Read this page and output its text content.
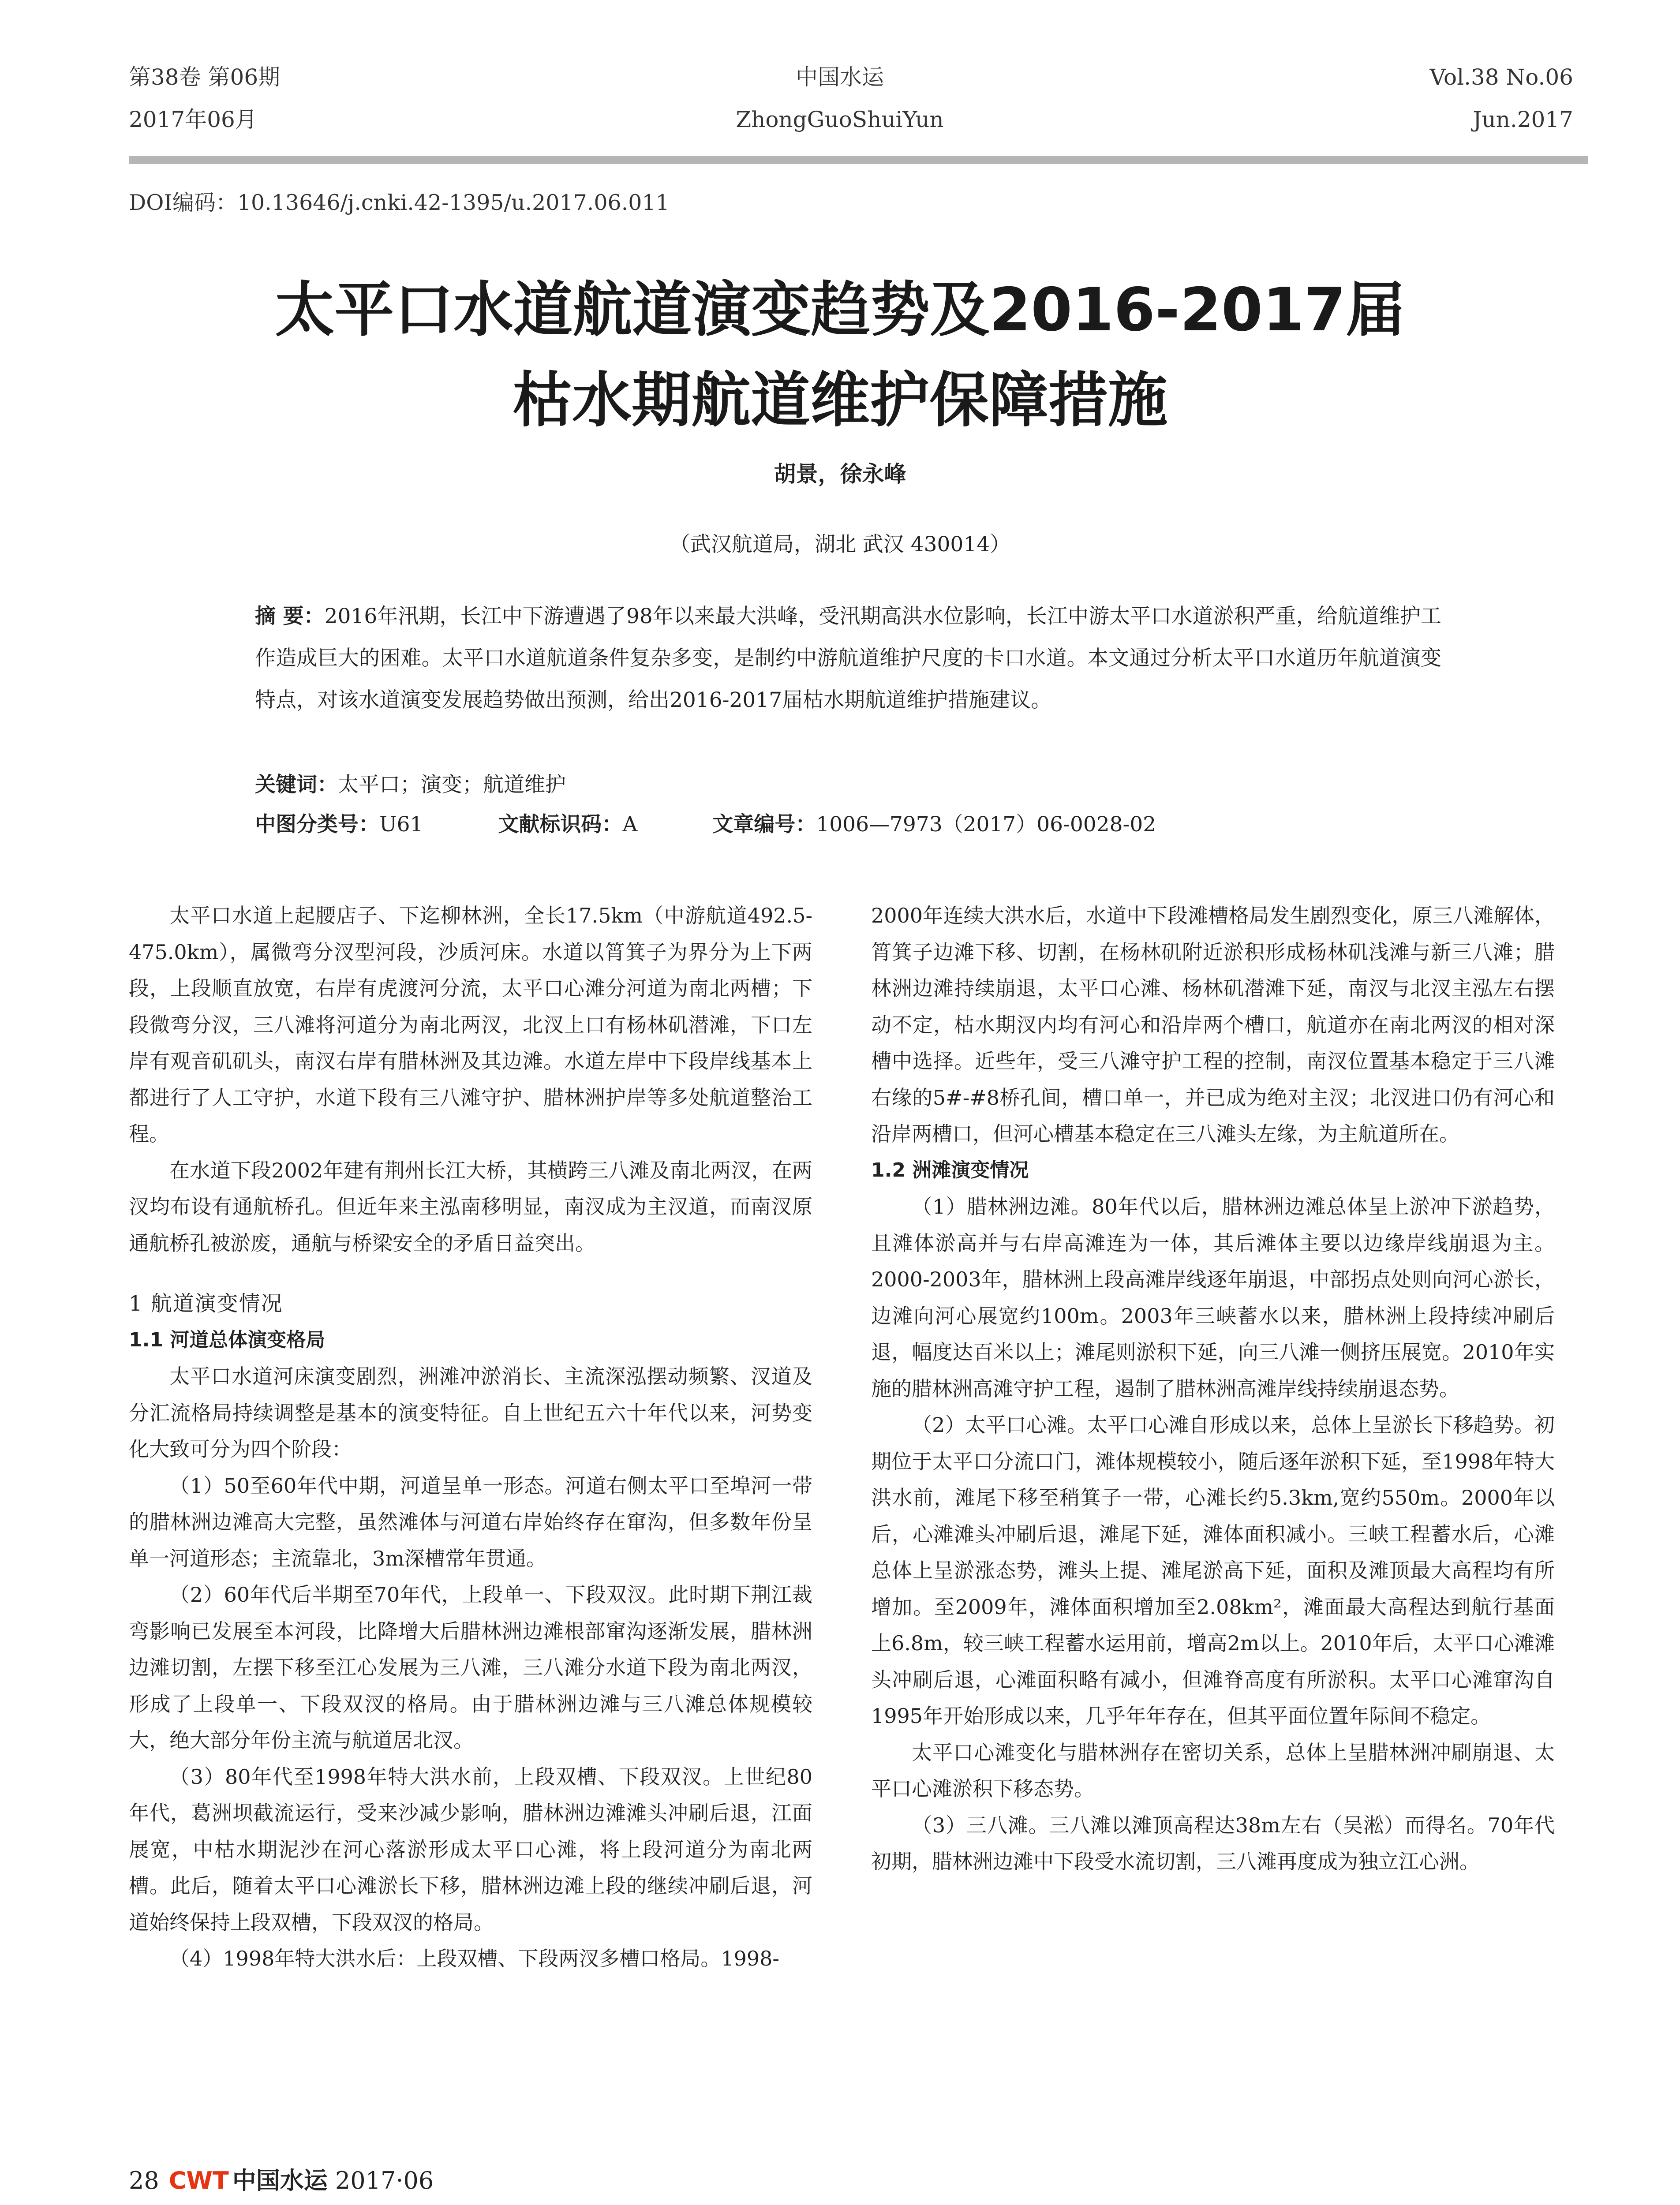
第38卷 第06期
2017年06月
中国水运
ZhongGuoShuiYun
Vol.38 No.06
Jun.2017
DOI编码：10.13646/j.cnki.42-1395/u.2017.06.011
太平口水道航道演变趋势及2016-2017届
枯水期航道维护保障措施
胡景，徐永峰
（武汉航道局，湖北 武汉 430014）
摘 要：2016年汛期，长江中下游遭遇了98年以来最大洪峰，受汛期高洪水位影响，长江中游太平口水道淤积严重，给航道维护工作造成巨大的困难。太平口水道航道条件复杂多变，是制约中游航道维护尺度的卡口水道。本文通过分析太平口水道历年航道演变特点，对该水道演变发展趋势做出预测，给出2016-2017届枯水期航道维护措施建议。
关键词：太平口；演变；航道维护
中图分类号：U61	文献标识码：A	文章编号：1006—7973（2017）06-0028-02

太平口水道上起腰店子、下迄柳林洲，全长17.5km（中游航道492.5-475.0km），属微弯分汊型河段，沙质河床。水道以筲箕子为界分为上下两段，上段顺直放宽，右岸有虎渡河分流，太平口心滩分河道为南北两槽；下段微弯分汊，三八滩将河道分为南北两汊，北汊上口有杨林矶潜滩，下口左岸有观音矶矶头，南汊右岸有腊林洲及其边滩。水道左岸中下段岸线基本上都进行了人工守护，水道下段有三八滩守护、腊林洲护岸等多处航道整治工程。

在水道下段2002年建有荆州长江大桥，其横跨三八滩及南北两汊，在两汊均布设有通航桥孔。但近年来主泓南移明显，南汊成为主汊道，而南汊原通航桥孔被淤废，通航与桥梁安全的矛盾日益突出。

1 航道演变情况

1.1 河道总体演变格局

太平口水道河床演变剧烈，洲滩冲淤消长、主流深泓摆动频繁、汊道及分汇流格局持续调整是基本的演变特征。自上世纪五六十年代以来，河势变化大致可分为四个阶段：

（1）50至60年代中期，河道呈单一形态。河道右侧太平口至埠河一带的腊林洲边滩高大完整，虽然滩体与河道右岸始终存在窜沟，但多数年份呈单一河道形态；主流靠北，3m深槽常年贯通。

（2）60年代后半期至70年代，上段单一、下段双汊。此时期下荆江裁弯影响已发展至本河段，比降增大后腊林洲边滩根部窜沟逐渐发展，腊林洲边滩切割，左摆下移至江心发展为三八滩，三八滩分水道下段为南北两汊，形成了上段单一、下段双汊的格局。由于腊林洲边滩与三八滩总体规模较大，绝大部分年份主流与航道居北汊。

（3）80年代至1998年特大洪水前，上段双槽、下段双汊。上世纪80年代，葛洲坝截流运行，受来沙减少影响，腊林洲边滩滩头冲刷后退，江面展宽，中枯水期泥沙在河心落淤形成太平口心滩，将上段河道分为南北两槽。此后，随着太平口心滩淤长下移，腊林洲边滩上段的继续冲刷后退，河道始终保持上段双槽，下段双汊的格局。

（4）1998年特大洪水后：上段双槽、下段两汊多槽口格局。1998-

2000年连续大洪水后，水道中下段滩槽格局发生剧烈变化，原三八滩解体，筲箕子边滩下移、切割，在杨林矶附近淤积形成杨林矶浅滩与新三八滩；腊林洲边滩持续崩退，太平口心滩、杨林矶潜滩下延，南汊与北汊主泓左右摆动不定，枯水期汊内均有河心和沿岸两个槽口，航道亦在南北两汊的相对深槽中选择。近些年，受三八滩守护工程的控制，南汊位置基本稳定于三八滩右缘的5#-#8桥孔间，槽口单一，并已成为绝对主汊；北汊进口仍有河心和沿岸两槽口，但河心槽基本稳定在三八滩头左缘，为主航道所在。

1.2 洲滩演变情况

（1）腊林洲边滩。80年代以后，腊林洲边滩总体呈上淤冲下淤趋势，且滩体淤高并与右岸高滩连为一体，其后滩体主要以边缘岸线崩退为主。2000-2003年，腊林洲上段高滩岸线逐年崩退，中部拐点处则向河心淤长，边滩向河心展宽约100m。2003年三峡蓄水以来，腊林洲上段持续冲刷后退，幅度达百米以上；滩尾则淤积下延，向三八滩一侧挤压展宽。2010年实施的腊林洲高滩守护工程，遏制了腊林洲高滩岸线持续崩退态势。

（2）太平口心滩。太平口心滩自形成以来，总体上呈淤长下移趋势。初期位于太平口分流口门，滩体规模较小，随后逐年淤积下延，至1998年特大洪水前，滩尾下移至稍箕子一带，心滩长约5.3km,宽约550m。2000年以后，心滩滩头冲刷后退，滩尾下延，滩体面积减小。三峡工程蓄水后，心滩总体上呈淤涨态势，滩头上提、滩尾淤高下延，面积及滩顶最大高程均有所增加。至2009年，滩体面积增加至2.08km²，滩面最大高程达到航行基面上6.8m，较三峡工程蓄水运用前，增高2m以上。2010年后，太平口心滩滩头冲刷后退，心滩面积略有减小，但滩脊高度有所淤积。太平口心滩窜沟自1995年开始形成以来，几乎年年存在，但其平面位置年际间不稳定。

太平口心滩变化与腊林洲存在密切关系，总体上呈腊林洲冲刷崩退、太平口心滩淤积下移态势。

（3）三八滩。三八滩以滩顶高程达38m左右（吴淞）而得名。70年代初期，腊林洲边滩中下段受水流切割，三八滩再度成为独立江心洲。

28 CWT 中国水运 2017·06
